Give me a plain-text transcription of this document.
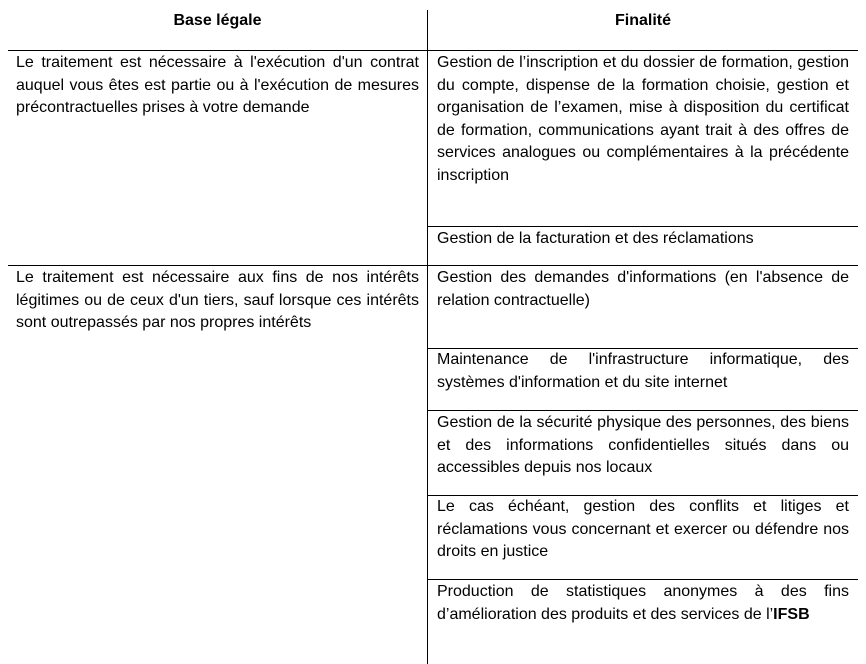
Base légale	Finalité
Le traitement est nécessaire à l'exécution d'un contrat auquel vous êtes est partie ou à l'exécution de mesures précontractuelles prises à votre demande
Gestion de l’inscription et du dossier de formation, gestion du compte, dispense de la formation choisie, gestion et organisation de l’examen, mise à disposition du certificat de formation, communications ayant trait à des offres de services analogues ou complémentaires à la précédente inscription
Gestion de la facturation et des réclamations
Le traitement est nécessaire aux fins de nos intérêts légitimes ou de ceux d'un tiers, sauf lorsque ces intérêts sont outrepassés par nos propres intérêts
Gestion des demandes d'informations (en l'absence de relation contractuelle)
Maintenance de l'infrastructure informatique, des systèmes d'information et du site internet
Gestion de la sécurité physique des personnes, des biens et des informations confidentielles situés dans ou accessibles depuis nos locaux
Le cas échéant, gestion des conflits et litiges et réclamations vous concernant et exercer ou défendre nos droits en justice
Production de statistiques anonymes à des fins d’amélioration des produits et des services de l’IFSB
